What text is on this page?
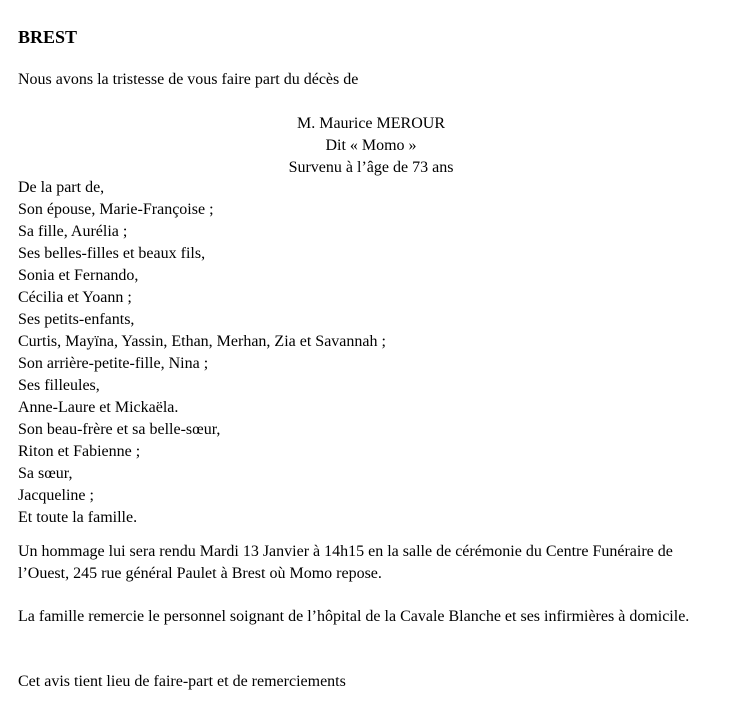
BREST

Nous avons la tristesse de vous faire part du décès de

M. Maurice MEROUR
Dit « Momo »
Survenu à l’âge de 73 ans
De la part de,
Son épouse, Marie-Françoise ;
Sa fille, Aurélia ;
Ses belles-filles et beaux fils,
Sonia et Fernando,
Cécilia et Yoann ;
Ses petits-enfants,
Curtis, Mayïna, Yassin, Ethan, Merhan, Zia et Savannah ;
Son arrière-petite-fille, Nina ;
Ses filleules,
Anne-Laure et Mickaëla.
Son beau-frère et sa belle-sœur,
Riton et Fabienne ;
Sa sœur,
Jacqueline ;
Et toute la famille.

Un hommage lui sera rendu Mardi 13 Janvier à 14h15 en la salle de cérémonie du Centre Funéraire de l’Ouest, 245 rue général Paulet à Brest où Momo repose.

La famille remercie le personnel soignant de l’hôpital de la Cavale Blanche et ses infirmières à domicile.

Cet avis tient lieu de faire-part et de remerciements
